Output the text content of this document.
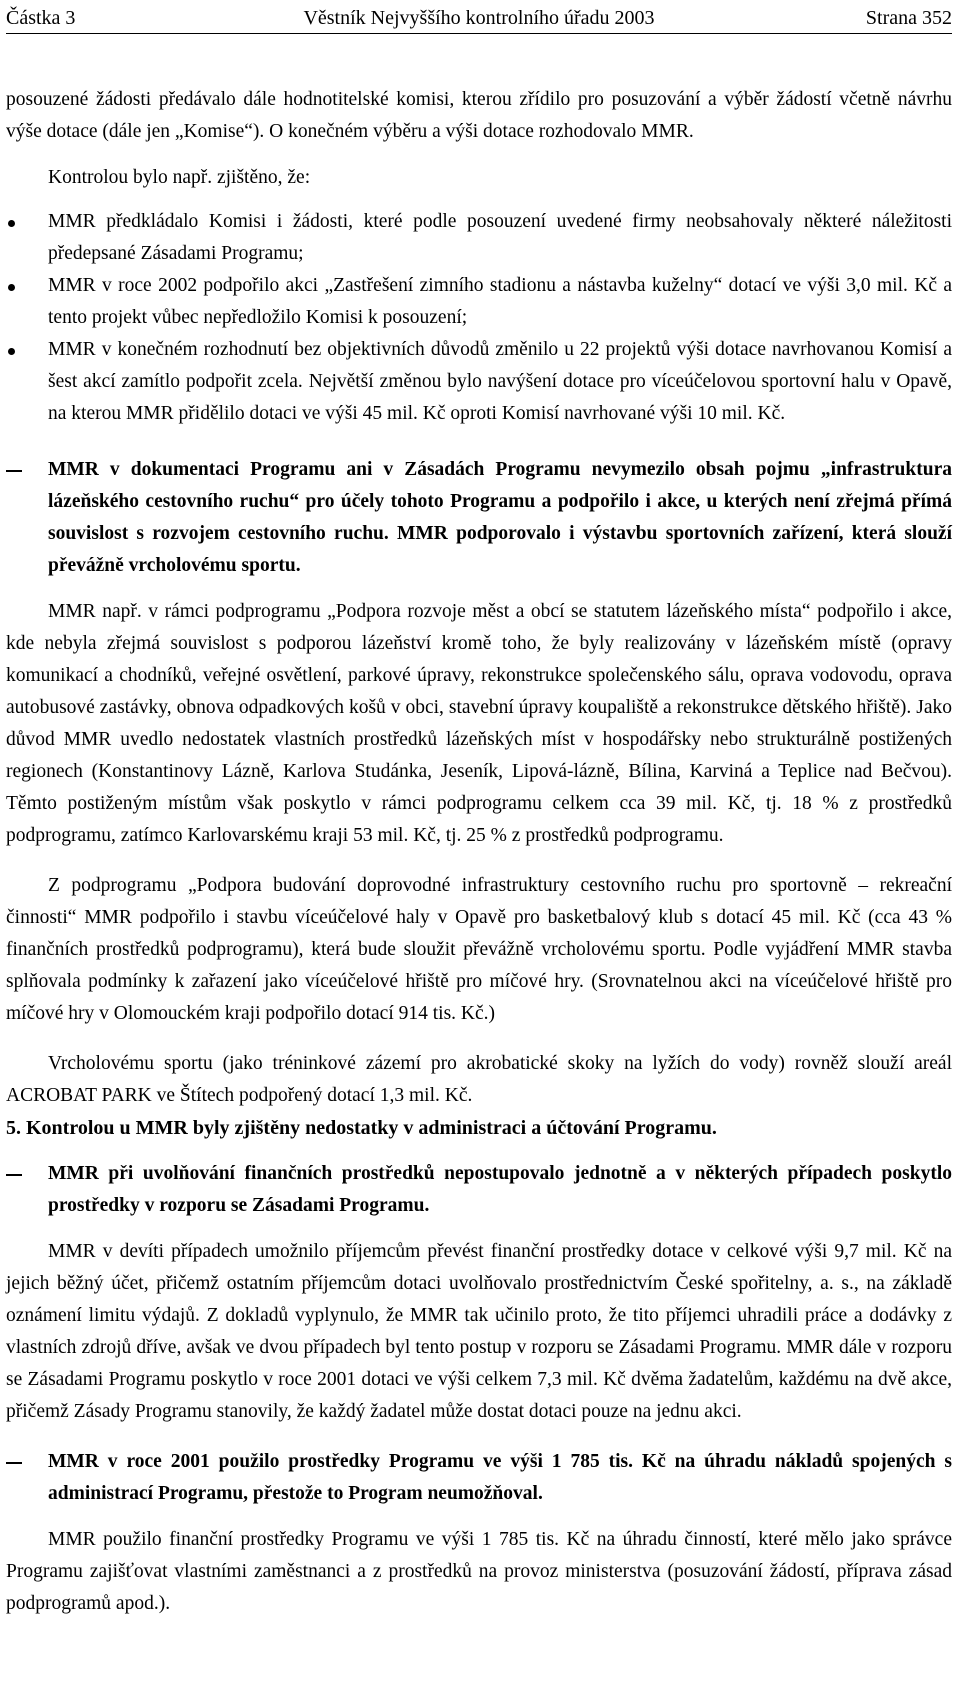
Částka 3	Věstník Nejvyššího kontrolního úřadu 2003	Strana 352

posouzené žádosti předávalo dále hodnotitelské komisi, kterou zřídilo pro posuzování a výběr žádostí včetně návrhu výše dotace (dále jen „Komise“). O konečném výběru a výši dotace rozhodovalo MMR.

Kontrolou bylo např. zjištěno, že:

MMR předkládalo Komisi i žádosti, které podle posouzení uvedené firmy neobsahovaly některé náležitosti předepsané Zásadami Programu;
MMR v roce 2002 podpořilo akci „Zastřešení zimního stadionu a nástavba kuželny“ dotací ve výši 3,0 mil. Kč a tento projekt vůbec nepředložilo Komisi k posouzení;
MMR v konečném rozhodnutí bez objektivních důvodů změnilo u 22 projektů výši dotace navrhovanou Komisí a šest akcí zamítlo podpořit zcela. Největší změnou bylo navýšení dotace pro víceúčelovou sportovní halu v Opavě, na kterou MMR přidělilo dotaci ve výši 45 mil. Kč oproti Komisí navrhované výši 10 mil. Kč.
MMR v dokumentaci Programu ani v Zásadách Programu nevymezilo obsah pojmu „infrastruktura lázeňského cestovního ruchu“ pro účely tohoto Programu a podpořilo i akce, u kterých není zřejmá přímá souvislost s rozvojem cestovního ruchu. MMR podporovalo i výstavbu sportovních zařízení, která slouží převážně vrcholovému sportu.

MMR např. v rámci podprogramu „Podpora rozvoje měst a obcí se statutem lázeňského místa“ podpořilo i akce, kde nebyla zřejmá souvislost s podporou lázeňství kromě toho, že byly realizovány v lázeňském místě (opravy komunikací a chodníků, veřejné osvětlení, parkové úpravy, rekonstrukce společenského sálu, oprava vodovodu, oprava autobusové zastávky, obnova odpadkových košů v obci, stavební úpravy koupaliště a rekonstrukce dětského hřiště). Jako důvod MMR uvedlo nedostatek vlastních prostředků lázeňských míst v hospodářsky nebo strukturálně postižených regionech (Konstantinovy Lázně, Karlova Studánka, Jeseník, Lipová-lázně, Bílina, Karviná a Teplice nad Bečvou). Těmto postiženým místům však poskytlo v rámci podprogramu celkem cca 39 mil. Kč, tj. 18 % z prostředků podprogramu, zatímco Karlovarskému kraji 53 mil. Kč, tj. 25 % z prostředků podprogramu.

Z podprogramu „Podpora budování doprovodné infrastruktury cestovního ruchu pro sportovně – rekreační činnosti“ MMR podpořilo i stavbu víceúčelové haly v Opavě pro basketbalový klub s dotací 45 mil. Kč (cca 43 % finančních prostředků podprogramu), která bude sloužit převážně vrcholovému sportu. Podle vyjádření MMR stavba splňovala podmínky k zařazení jako víceúčelové hřiště pro míčové hry. (Srovnatelnou akci na víceúčelové hřiště pro míčové hry v Olomouckém kraji podpořilo dotací 914 tis. Kč.)

Vrcholovému sportu (jako tréninkové zázemí pro akrobatické skoky na lyžích do vody) rovněž slouží areál ACROBAT PARK ve Štítech podpořený dotací 1,3 mil. Kč.

5. Kontrolou u MMR byly zjištěny nedostatky v administraci a účtování Programu.
MMR při uvolňování finančních prostředků nepostupovalo jednotně a v některých případech poskytlo prostředky v rozporu se Zásadami Programu.

MMR v devíti případech umožnilo příjemcům převést finanční prostředky dotace v celkové výši 9,7 mil. Kč na jejich běžný účet, přičemž ostatním příjemcům dotaci uvolňovalo prostřednictvím České spořitelny, a. s., na základě oznámení limitu výdajů. Z dokladů vyplynulo, že MMR tak učinilo proto, že tito příjemci uhradili práce a dodávky z vlastních zdrojů dříve, avšak ve dvou případech byl tento postup v rozporu se Zásadami Programu. MMR dále v rozporu se Zásadami Programu poskytlo v roce 2001 dotaci ve výši celkem 7,3 mil. Kč dvěma žadatelům, každému na dvě akce, přičemž Zásady Programu stanovily, že každý žadatel může dostat dotaci pouze na jednu akci.

MMR v roce 2001 použilo prostředky Programu ve výši 1 785 tis. Kč na úhradu nákladů spojených s administrací Programu, přestože to Program neumožňoval.

MMR použilo finanční prostředky Programu ve výši 1 785 tis. Kč na úhradu činností, které mělo jako správce Programu zajišťovat vlastními zaměstnanci a z prostředků na provoz ministerstva (posuzování žádostí, příprava zásad podprogramů apod.).
